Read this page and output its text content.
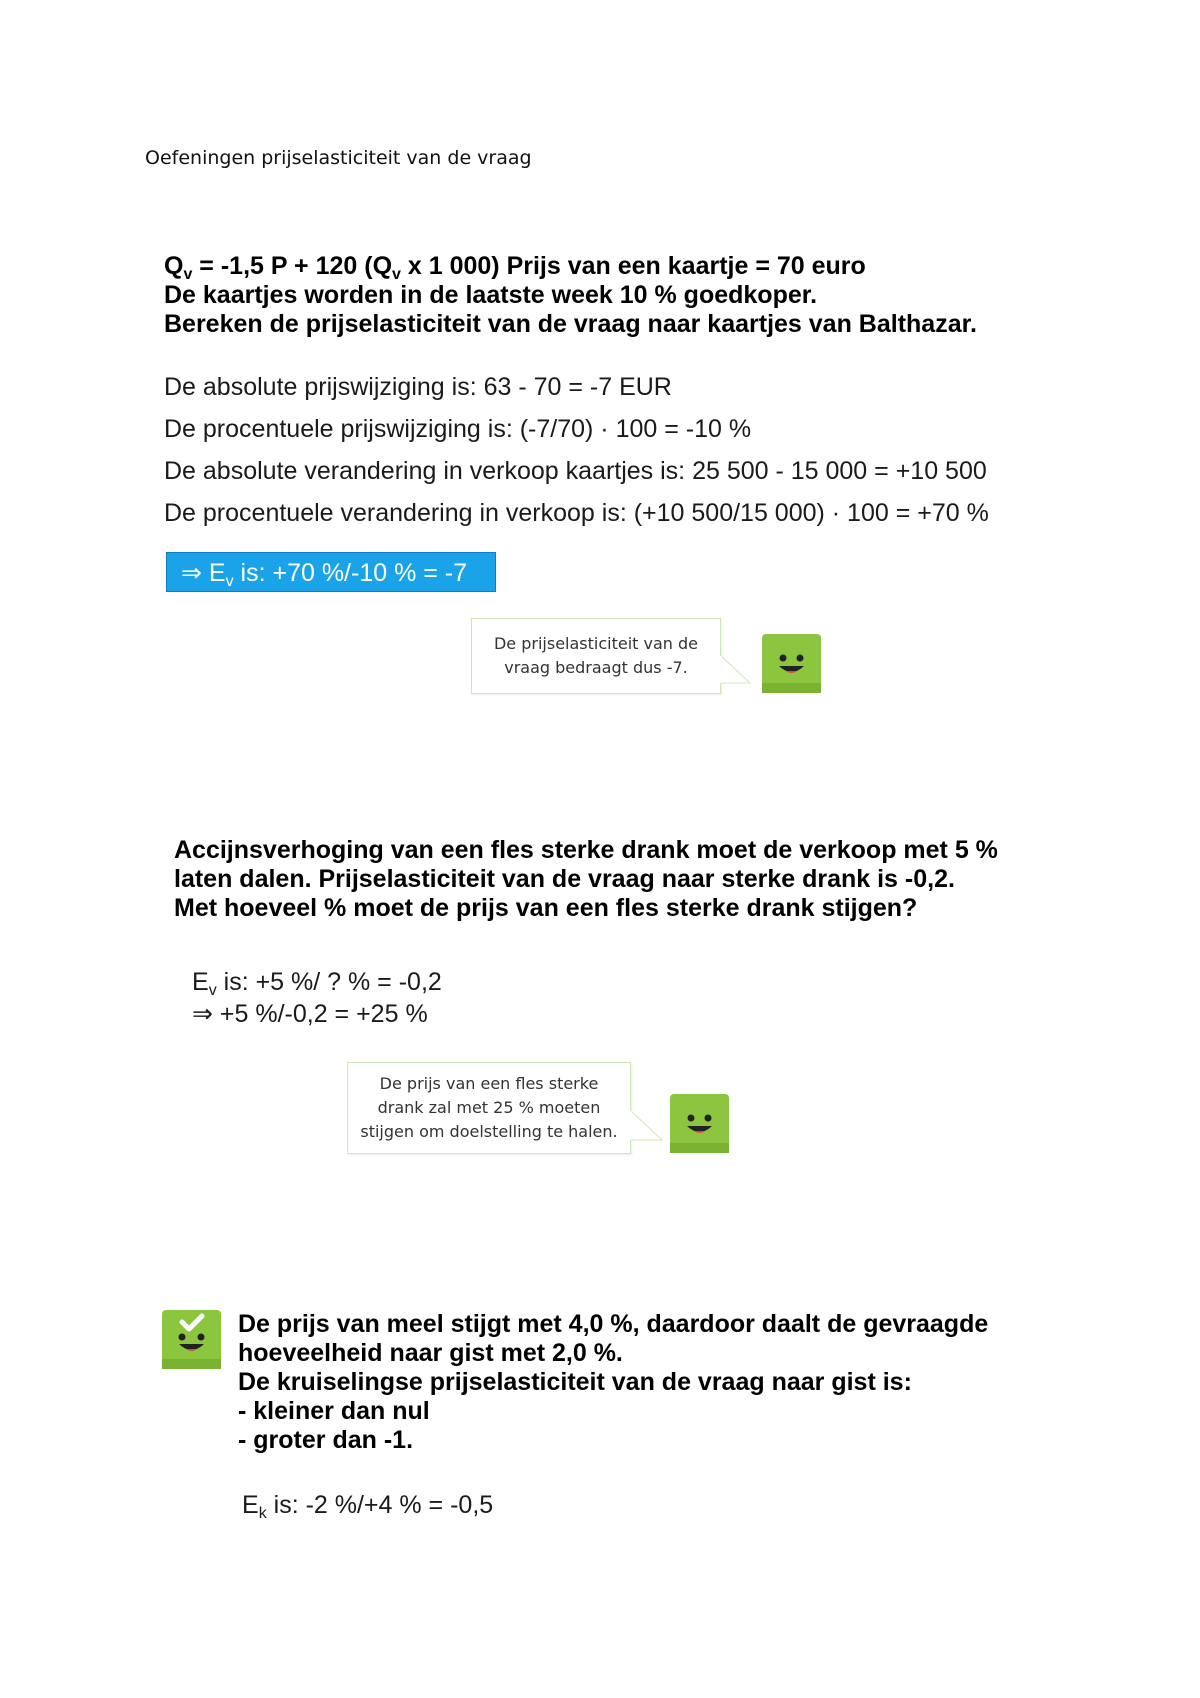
Oefeningen prijselasticiteit van de vraag
$Q_v = -1,5$ P + 120 ($Q_v$ x 1 000) Prijs van een kaartje = 70 euro
De kaartjes worden in de laatste week 10 % goedkoper.
Bereken de prijselasticiteit van de vraag naar kaartjes van Balthazar.
De absolute prijswijziging is: 63 - 70 = -7 EUR
De procentuele prijswijziging is: (-7/70) · 100 = -10 %
De absolute verandering in verkoop kaartjes is: 25 500 - 15 000 = +10 500
De procentuele verandering in verkoop is: (+10 500/15 000) · 100 = +70 %
⇒ $E_v$ is: +70 %/-10 % = -7
De prijselasticiteit van de
vraag bedraagt dus -7.
Accijnsverhoging van een fles sterke drank moet de verkoop met 5 %
laten dalen. Prijselasticiteit van de vraag naar sterke drank is -0,2.
Met hoeveel % moet de prijs van een fles sterke drank stijgen?
$E_v$ is: +5 %/ ? % = -0,2
⇒ +5 %/-0,2 = +25 %
De prijs van een fles sterke
drank zal met 25 % moeten
stijgen om doelstelling te halen.
De prijs van meel stijgt met 4,0 %, daardoor daalt de gevraagde
hoeveelheid naar gist met 2,0 %.
De kruiselingse prijselasticiteit van de vraag naar gist is:
- kleiner dan nul
- groter dan -1.
$E_k$ is: -2 %/+4 % = -0,5
